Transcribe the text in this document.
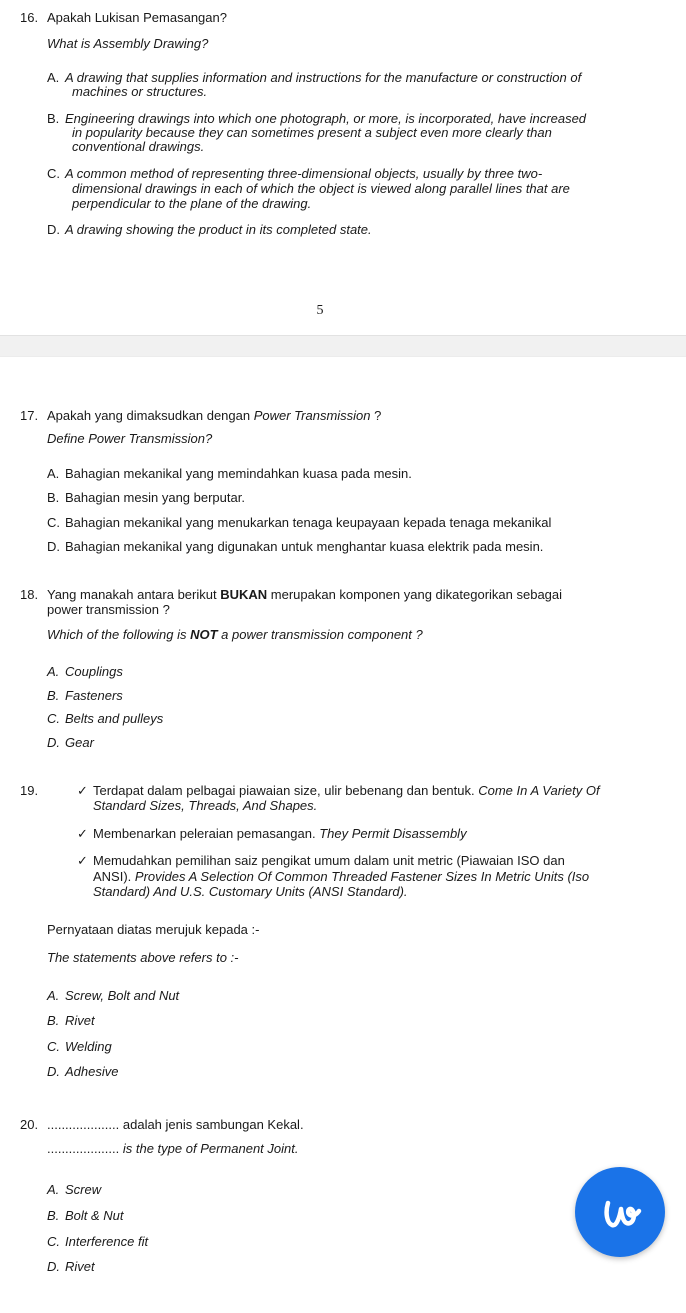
16. Apakah Lukisan Pemasangan?
What is Assembly Drawing?
A. A drawing that supplies information and instructions for the manufacture or construction of
machines or structures.
B. Engineering drawings into which one photograph, or more, is incorporated, have increased
in popularity because they can sometimes present a subject even more clearly than
conventional drawings.
C. A common method of representing three-dimensional objects, usually by three two-
dimensional drawings in each of which the object is viewed along parallel lines that are
perpendicular to the plane of the drawing.
D. A drawing showing the product in its completed state.
5
17. Apakah yang dimaksudkan dengan Power Transmission ?
Define Power Transmission?
A. Bahagian mekanikal yang memindahkan kuasa pada mesin.
B. Bahagian mesin yang berputar.
C. Bahagian mekanikal yang menukarkan tenaga keupayaan kepada tenaga mekanikal
D. Bahagian mekanikal yang digunakan untuk menghantar kuasa elektrik pada mesin.
18. Yang manakah antara berikut BUKAN merupakan komponen yang dikategorikan sebagai
power transmission ?
Which of the following is NOT a power transmission component ?
A. Couplings
B. Fasteners
C. Belts and pulleys
D. Gear
19.	✓ Terdapat dalam pelbagai piawaian size, ulir bebenang dan bentuk. Come In A Variety Of
Standard Sizes, Threads, And Shapes.
✓ Membenarkan peleraian pemasangan. They Permit Disassembly
✓ Memudahkan pemilihan saiz pengikat umum dalam unit metric (Piawaian ISO dan
ANSI). Provides A Selection Of Common Threaded Fastener Sizes In Metric Units (Iso
Standard) And U.S. Customary Units (ANSI Standard).
Pernyataan diatas merujuk kepada :-
The statements above refers to :-
A. Screw, Bolt and Nut
B. Rivet
C. Welding
D. Adhesive
20. .................... adalah jenis sambungan Kekal.
.................... is the type of Permanent Joint.
A. Screw
B. Bolt & Nut
C. Interference fit
D. Rivet
